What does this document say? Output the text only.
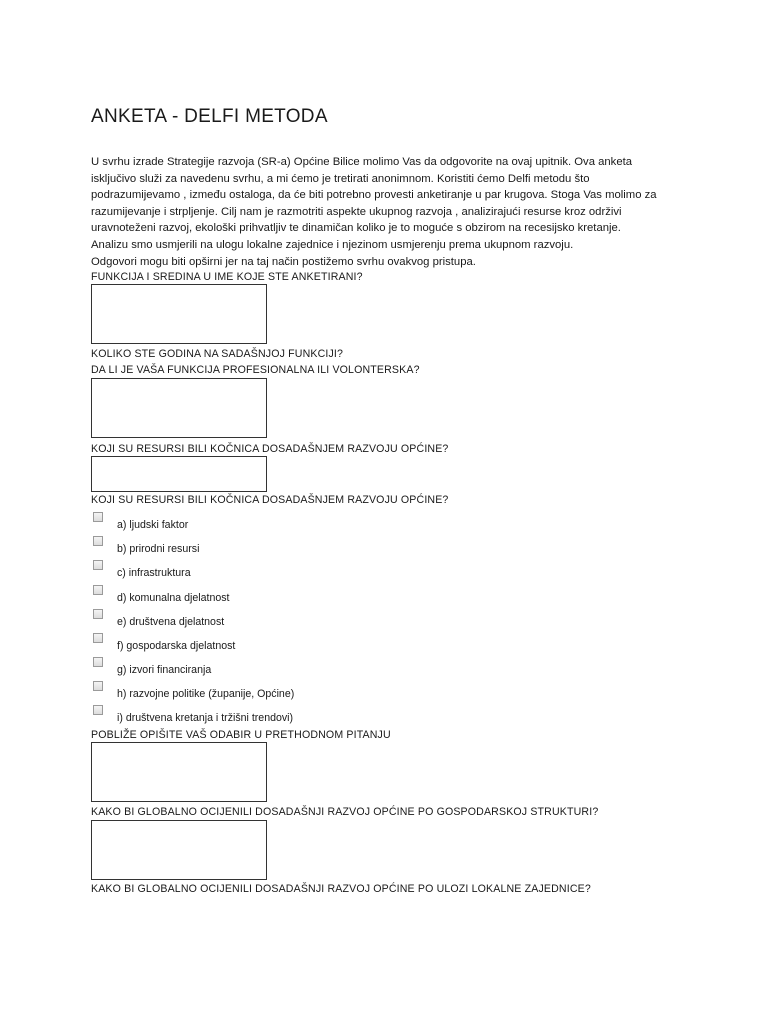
ANKETA - DELFI METODA

U svrhu izrade Strategije razvoja (SR-a) Općine Bilice molimo Vas da odgovorite na ovaj upitnik. Ova anketa
isključivo služi za navedenu svrhu, a mi ćemo je tretirati anonimnom. Koristiti ćemo Delfi metodu što
podrazumijevamo , između ostaloga, da će biti potrebno provesti anketiranje u par krugova. Stoga Vas molimo za
razumijevanje i strpljenje. Cilj nam je razmotriti aspekte ukupnog razvoja , analizirajući resurse kroz održivi
uravnoteženi razvoj, ekološki prihvatljiv te dinamičan koliko je to moguće s obzirom na recesijsko kretanje.
Analizu smo usmjerili na ulogu lokalne zajednice i njezinom usmjerenju prema ukupnom razvoju.
Odgovori mogu biti opširni jer na taj način postižemo svrhu ovakvog pristupa.

FUNKCIJA I SREDINA U IME KOJE STE ANKETIRANI?
KOLIKO STE GODINA NA SADAŠNJOJ FUNKCIJI?
DA LI JE VAŠA FUNKCIJA PROFESIONALNA ILI VOLONTERSKA?
KOJI SU RESURSI BILI KOČNICA DOSADAŠNJEM RAZVOJU OPĆINE?
KOJI SU RESURSI BILI KOČNICA DOSADAŠNJEM RAZVOJU OPĆINE?
a) ljudski faktor
b) prirodni resursi
c) infrastruktura
d) komunalna djelatnost
e) društvena djelatnost
f) gospodarska djelatnost
g) izvori financiranja
h) razvojne politike (županije, Općine)
i) društvena kretanja i tržišni trendovi)
POBLIŽE OPIŠITE VAŠ ODABIR U PRETHODNOM PITANJU
KAKO BI GLOBALNO OCIJENILI DOSADAŠNJI RAZVOJ OPĆINE PO GOSPODARSKOJ STRUKTURI?
KAKO BI GLOBALNO OCIJENILI DOSADAŠNJI RAZVOJ OPĆINE PO ULOZI LOKALNE ZAJEDNICE?
